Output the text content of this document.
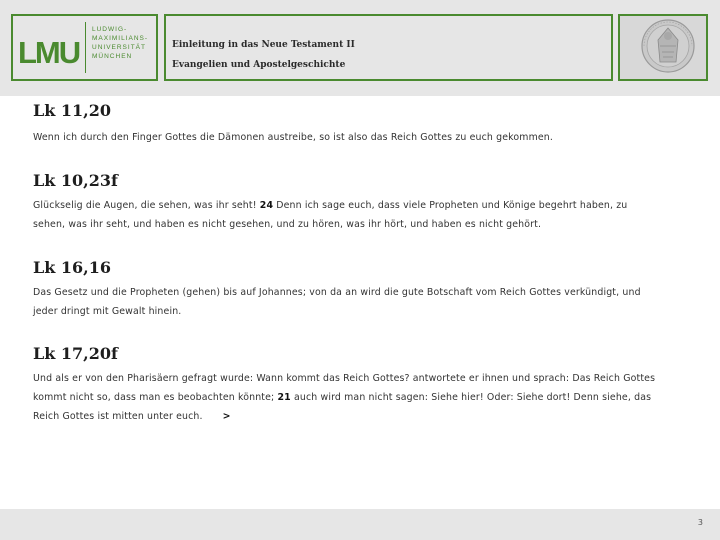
LMU
LUDWIG-
MAXIMILIANS-
UNIVERSITÄT
MÜNCHEN
Einleitung in das Neue Testament II
Evangelien und Apostelgeschichte
Lk 11,20
Wenn ich durch den Finger Gottes die Dämonen austreibe, so ist also das Reich Gottes zu euch gekommen.
Lk 10,23f
Glückselig die Augen, die sehen, was ihr seht! 24 Denn ich sage euch, dass viele Propheten und Könige begehrt haben, zu sehen, was ihr seht, und haben es nicht gesehen, und zu hören, was ihr hört, und haben es nicht gehört.
Lk 16,16
Das Gesetz und die Propheten (gehen) bis auf Johannes; von da an wird die gute Botschaft vom Reich Gottes verkündigt, und jeder dringt mit Gewalt hinein.
Lk 17,20f
Und als er von den Pharisäern gefragt wurde: Wann kommt das Reich Gottes? antwortete er ihnen und sprach: Das Reich Gottes kommt nicht so, dass man es beobachten könnte; 21 auch wird man nicht sagen: Siehe hier! Oder: Siehe dort! Denn siehe, das Reich Gottes ist mitten unter euch. >
3
